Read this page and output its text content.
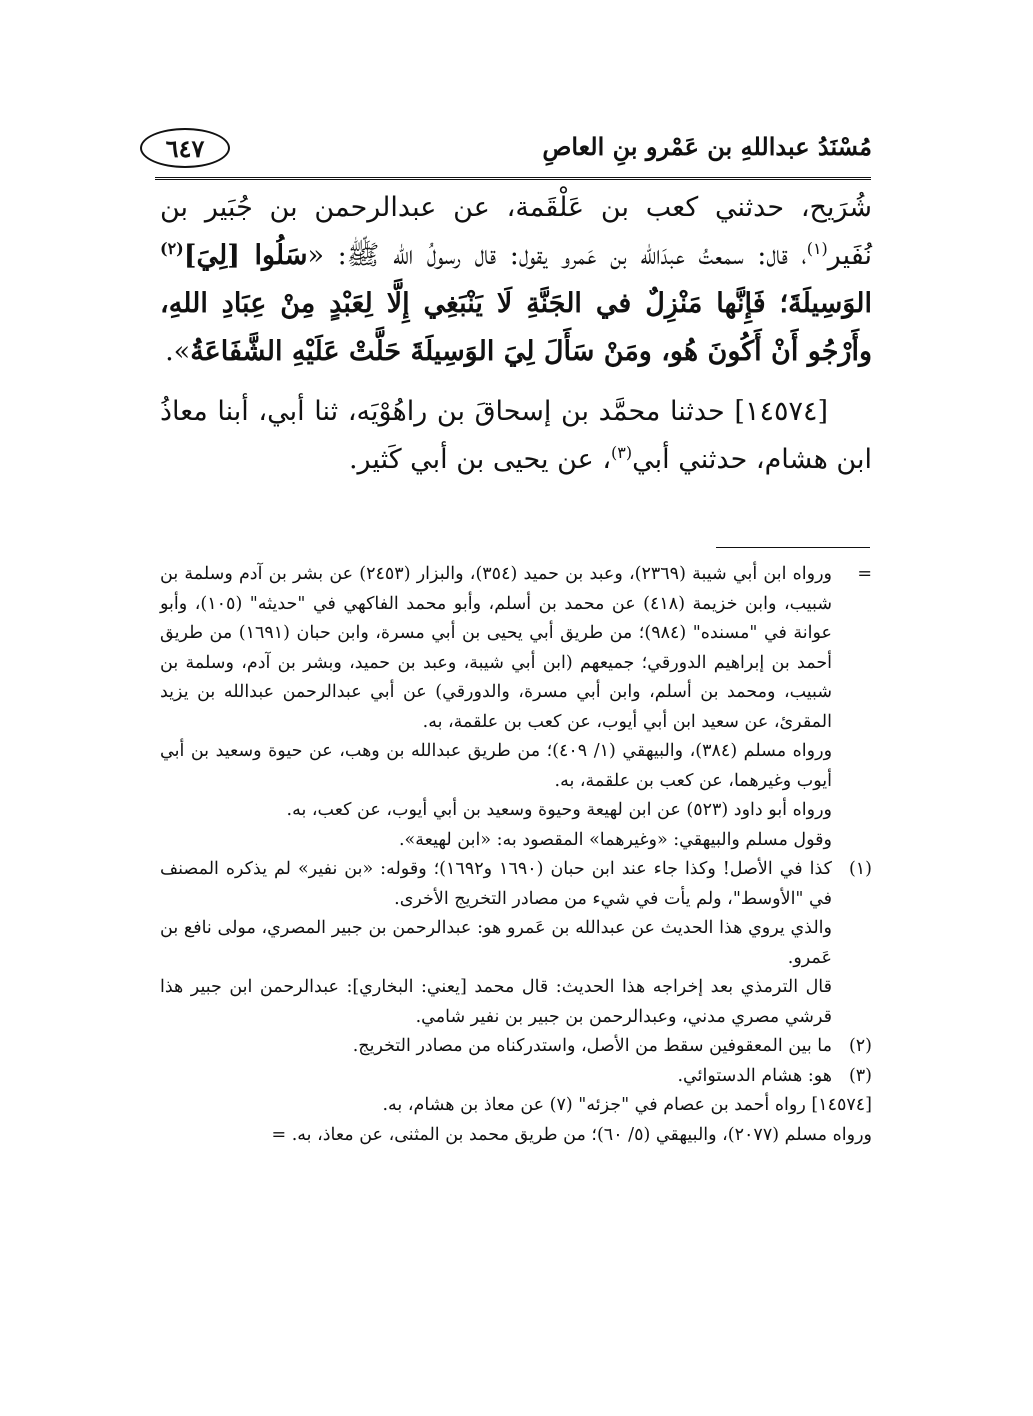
مُسْنَدُ عبداللهِ بن عَمْرو بنِ العاصِ
٦٤٧

شُرَيح، حدثني كعب بن عَلْقَمة، عن عبدالرحمن بن جُبَير بن نُفَير$^{(١)}$، قال: سمعتُ عبدَالله بن عَمرو يقول: قال رسولُ الله ﷺ: «سَلُوا [لِيَ]$^{(٢)}$ الوَسِيلَةَ؛ فَإِنَّها مَنْزِلٌ في الجَنَّةِ لَا يَنْبَغِي إِلَّا لِعَبْدٍ مِنْ عِبَادِ اللهِ، وأَرْجُو أَنْ أَكُونَ هُو، ومَنْ سَأَلَ لِيَ الوَسِيلَةَ حَلَّتْ عَلَيْهِ الشَّفَاعَةُ».

[١٤٥٧٤] حدثنا محمَّد بن إسحاقَ بن راهُوْيَه، ثنا أبي، أبنا معاذُ ابن هشام، حدثني أبي$^{(٣)}$، عن يحيى بن أبي كَثير.

=

ورواه ابن أبي شيبة (٢٣٦٩)، وعبد بن حميد (٣٥٤)، والبزار (٢٤٥٣) عن بشر بن آدم وسلمة بن شبيب، وابن خزيمة (٤١٨) عن محمد بن أسلم، وأبو محمد الفاكهي في "حديثه" (١٠٥)، وأبو عوانة في "مسنده" (٩٨٤)؛ من طريق أبي يحيى بن أبي مسرة، وابن حبان (١٦٩١) من طريق أحمد بن إبراهيم الدورقي؛ جميعهم (ابن أبي شيبة، وعبد بن حميد، وبشر بن آدم، وسلمة بن شبيب، ومحمد بن أسلم، وابن أبي مسرة، والدورقي) عن أبي عبدالرحمن عبدالله بن يزيد المقرئ، عن سعيد ابن أبي أيوب، عن كعب بن علقمة، به.

ورواه مسلم (٣٨٤)، والبيهقي (١/ ٤٠٩)؛ من طريق عبدالله بن وهب، عن حيوة وسعيد بن أبي أيوب وغيرهما، عن كعب بن علقمة، به.

ورواه أبو داود (٥٢٣) عن ابن لهيعة وحيوة وسعيد بن أبي أيوب، عن كعب، به.

وقول مسلم والبيهقي: «وغيرهما» المقصود به: «ابن لهيعة».

(١)

كذا في الأصل! وكذا جاء عند ابن حبان (١٦٩٠ و١٦٩٢)؛ وقوله: «بن نفير» لم يذكره المصنف في "الأوسط"، ولم يأت في شيء من مصادر التخريج الأخرى.

والذي يروي هذا الحديث عن عبدالله بن عَمرو هو: عبدالرحمن بن جبير المصري، مولى نافع بن عَمرو.

قال الترمذي بعد إخراجه هذا الحديث: قال محمد [يعني: البخاري]: عبدالرحمن ابن جبير هذا قرشي مصري مدني، وعبدالرحمن بن جبير بن نفير شامي.

(٢)

ما بين المعقوفين سقط من الأصل، واستدركناه من مصادر التخريج.

(٣)

هو: هشام الدستوائي.

[١٤٥٧٤] رواه أحمد بن عصام في "جزئه" (٧) عن معاذ بن هشام، به.

ورواه مسلم (٢٠٧٧)، والبيهقي (٥/ ٦٠)؛ من طريق محمد بن المثنى، عن معاذ، به. =
